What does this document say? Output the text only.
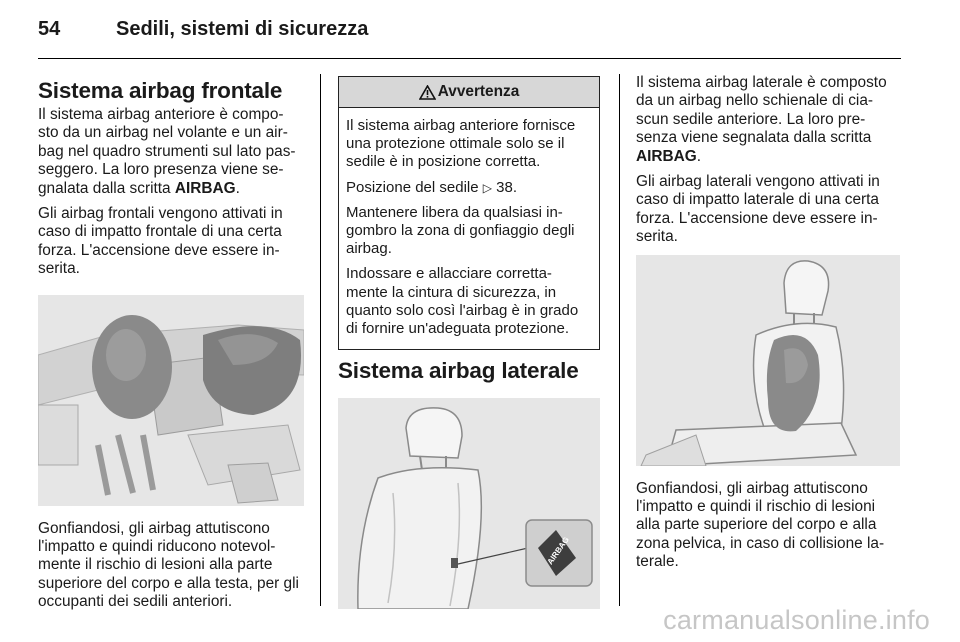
54	Sedili, sistemi di sicurezza
Sistema airbag frontale

Il sistema airbag anteriore è compo-sto da un airbag nel volante e un air-bag nel quadro strumenti sul lato pas-seggero. La loro presenza viene se-gnalata dalla scritta AIRBAG.

Gli airbag frontali vengono attivati in caso di impatto frontale di una certa forza. L'accensione deve essere in-serita.

Gonfiandosi, gli airbag attutiscono l'impatto e quindi riducono notevol-mente il rischio di lesioni alla parte superiore del corpo e alla testa, per gli occupanti dei sedili anteriori.

Avvertenza

Il sistema airbag anteriore fornisce una protezione ottimale solo se il sedile è in posizione corretta.

Posizione del sedile ▷ 38.

Mantenere libera da qualsiasi in-gombro la zona di gonfiaggio degli airbag.

Indossare e allacciare corretta-mente la cintura di sicurezza, in quanto solo così l'airbag è in grado di fornire un'adeguata protezione.

Sistema airbag laterale
AIRBAG

Il sistema airbag laterale è composto da un airbag nello schienale di cia-scun sedile anteriore. La loro pre-senza viene segnalata dalla scritta AIRBAG.

Gli airbag laterali vengono attivati in caso di impatto laterale di una certa forza. L'accensione deve essere in-serita.

Gonfiandosi, gli airbag attutiscono l'impatto e quindi il rischio di lesioni alla parte superiore del corpo e alla zona pelvica, in caso di collisione la-terale.

carmanualsonline.info
